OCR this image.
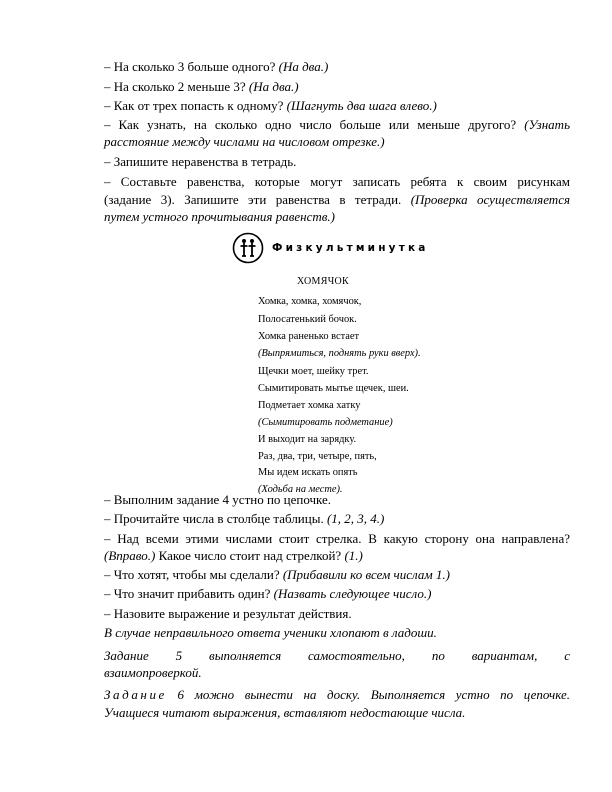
– На сколько 3 больше одного? (На два.)
– На сколько 2 меньше 3? (На два.)
– Как от трех попасть к одному? (Шагнуть два шага влево.)
– Как узнать, на сколько одно число больше или меньше другого? (Узнать
расстояние между числами на числовом отрезке.)
– Запишите неравенства в тетрадь.
– Составьте равенства, которые могут записать ребята к своим рисункам
(задание 3). Запишите эти равенства в тетради. (Проверка осуществляется
путем устного прочитывания равенств.)
Физкультминутка
ХОМЯЧОК
Хомка, хомка, хомячок,
Полосатенький бочок.
Хомка раненько встает
(Выпрямиться, поднять руки вверх).
Щечки моет, шейку трет.
Сымитировать мытье щечек, шеи.
Подметает хомка хатку
(Сымитировать подметание)
И выходит на зарядку.
Раз, два, три, четыре, пять,
Мы идем искать опять
(Ходьба на месте).
– Выполним задание 4 устно по цепочке.
– Прочитайте числа в столбце таблицы. (1, 2, 3, 4.)
– Над всеми этими числами стоит стрелка. В какую сторону она направлена?
(Вправо.) Какое число стоит над стрелкой? (1.)
– Что хотят, чтобы мы сделали? (Прибавили ко всем числам 1.)
– Что значит прибавить один? (Назвать следующее число.)
– Назовите выражение и результат действия.
В случае неправильного ответа ученики хлопают в ладоши.
Задание 5 выполняется самостоятельно, по вариантам, с
взаимопроверкой.
Задание 6 можно вынести на доску. Выполняется устно по цепочке.
Учащиеся читают выражения, вставляют недостающие числа.
